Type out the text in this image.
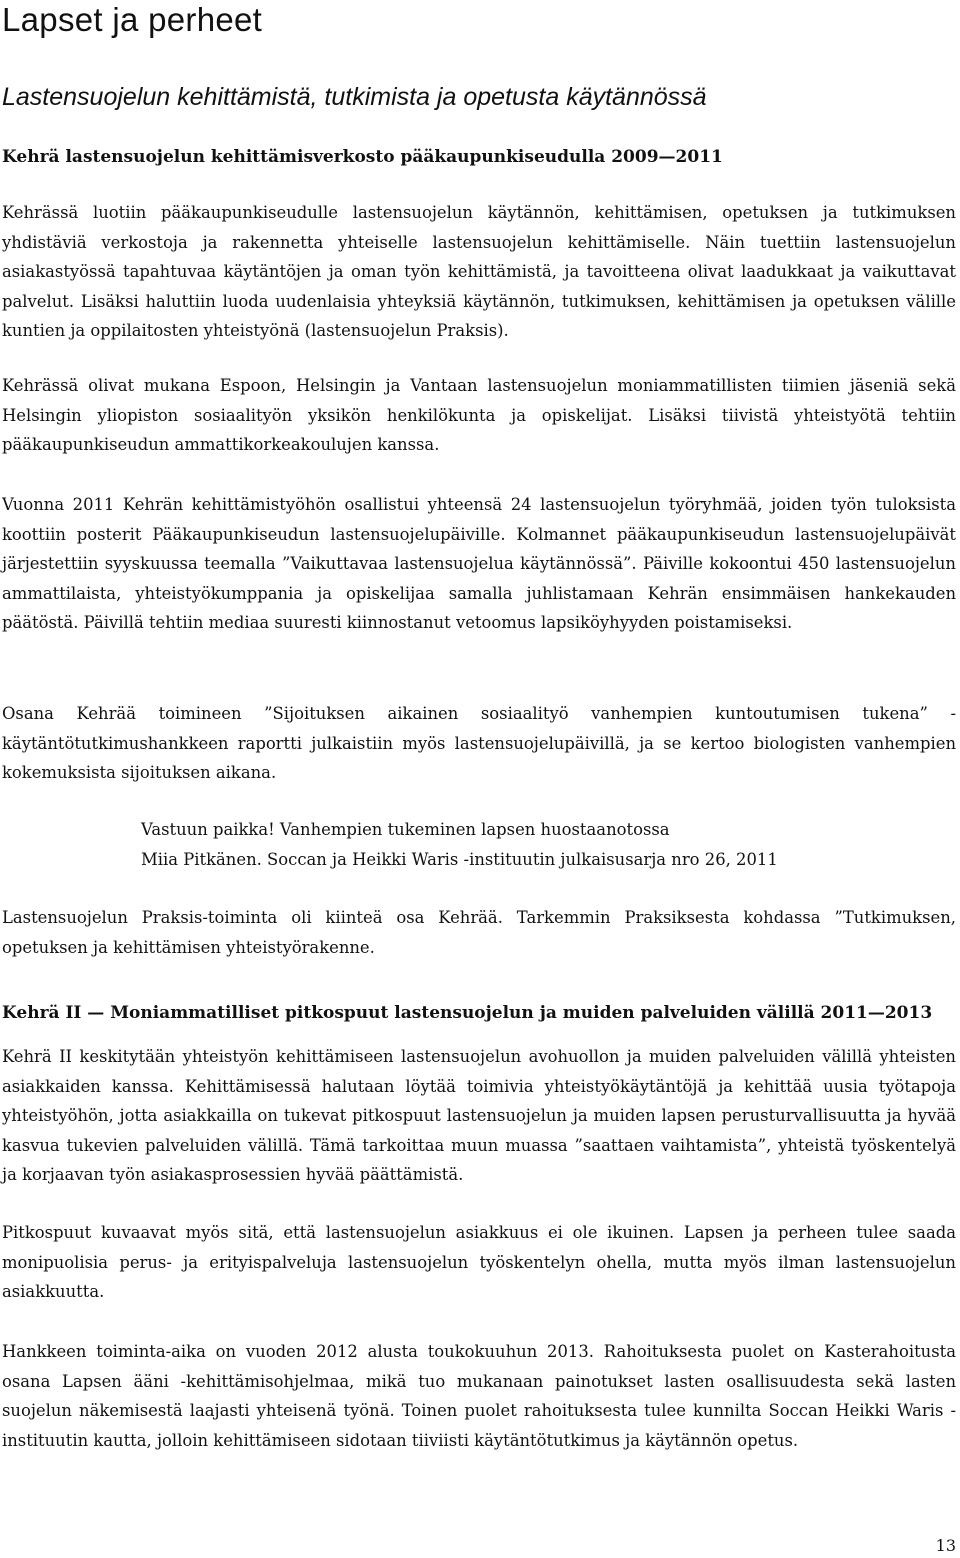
Lapset ja perheet
Lastensuojelun kehittämistä, tutkimista ja opetusta käytännössä
Kehrä lastensuojelun kehittämisverkosto pääkaupunkiseudulla 2009—2011

Kehrässä luotiin pääkaupunkiseudulle lastensuojelun käytännön, kehittämisen, opetuksen ja tutkimuksen yhdistäviä verkostoja ja rakennetta yhteiselle lastensuojelun kehittämiselle. Näin tuettiin lastensuojelun asiakastyössä tapahtuvaa käytäntöjen ja oman työn kehittämistä, ja tavoitteena olivat laadukkaat ja vaikuttavat palvelut. Lisäksi haluttiin luoda uudenlaisia yhteyksiä käytännön, tutkimuksen, kehittämisen ja opetuksen välille kuntien ja oppilaitosten yhteistyönä (lastensuojelun Praksis).

Kehrässä olivat mukana Espoon, Helsingin ja Vantaan lastensuojelun moniammatillisten tiimien jäseniä sekä Helsingin yliopiston sosiaalityön yksikön henkilökunta ja opiskelijat. Lisäksi tiivistä yhteistyötä tehtiin pääkaupunkiseudun ammattikorkeakoulujen kanssa.

Vuonna 2011 Kehrän kehittämistyöhön osallistui yhteensä 24 lastensuojelun työryhmää, joiden työn tuloksista koottiin posterit Pääkaupunkiseudun lastensuojelupäiville. Kolmannet pääkaupunkiseudun lastensuojelupäivät järjestettiin syyskuussa teemalla ”Vaikuttavaa lastensuojelua käytännössä”. Päiville kokoontui 450 lastensuojelun ammattilaista, yhteistyökumppania ja opiskelijaa samalla juhlistamaan Kehrän ensimmäisen hankekauden päätöstä. Päivillä tehtiin mediaa suuresti kiinnostanut vetoomus lapsiköyhyyden poistamiseksi.

Osana Kehrää toimineen ”Sijoituksen aikainen sosiaalityö vanhempien kuntoutumisen tukena” - käytäntötutkimushankkeen raportti julkaistiin myös lastensuojelupäivillä, ja se kertoo biologisten vanhempien kokemuksista sijoituksen aikana.

Vastuun paikka! Vanhempien tukeminen lapsen huostaanotossa

Miia Pitkänen. Soccan ja Heikki Waris -instituutin julkaisusarja nro 26, 2011

Lastensuojelun Praksis-toiminta oli kiinteä osa Kehrää. Tarkemmin Praksiksesta kohdassa ”Tutkimuksen, opetuksen ja kehittämisen yhteistyörakenne.

Kehrä II — Moniammatilliset pitkospuut lastensuojelun ja muiden palveluiden välillä 2011—2013

Kehrä II keskitytään yhteistyön kehittämiseen lastensuojelun avohuollon ja muiden palveluiden välillä yhteisten asiakkaiden kanssa. Kehittämisessä halutaan löytää toimivia yhteistyökäytäntöjä ja kehittää uusia työtapoja yhteistyöhön, jotta asiakkailla on tukevat pitkospuut lastensuojelun ja muiden lapsen perusturvallisuutta ja hyvää kasvua tukevien palveluiden välillä. Tämä tarkoittaa muun muassa ”saattaen vaihtamista”, yhteistä työskentelyä ja korjaavan työn asiakasprosessien hyvää päättämistä.

Pitkospuut kuvaavat myös sitä, että lastensuojelun asiakkuus ei ole ikuinen. Lapsen ja perheen tulee saada monipuolisia perus- ja erityispalveluja lastensuojelun työskentelyn ohella, mutta myös ilman lastensuojelun asiakkuutta.

Hankkeen toiminta-aika on vuoden 2012 alusta toukokuuhun 2013. Rahoituksesta puolet on Kasterahoitusta osana Lapsen ääni -kehittämisohjelmaa, mikä tuo mukanaan painotukset lasten osallisuudesta sekä lasten suojelun näkemisestä laajasti yhteisenä työnä. Toinen puolet rahoituksesta tulee kunnilta Soccan Heikki Waris -instituutin kautta, jolloin kehittämiseen sidotaan tiiviisti käytäntötutkimus ja käytännön opetus.

13
